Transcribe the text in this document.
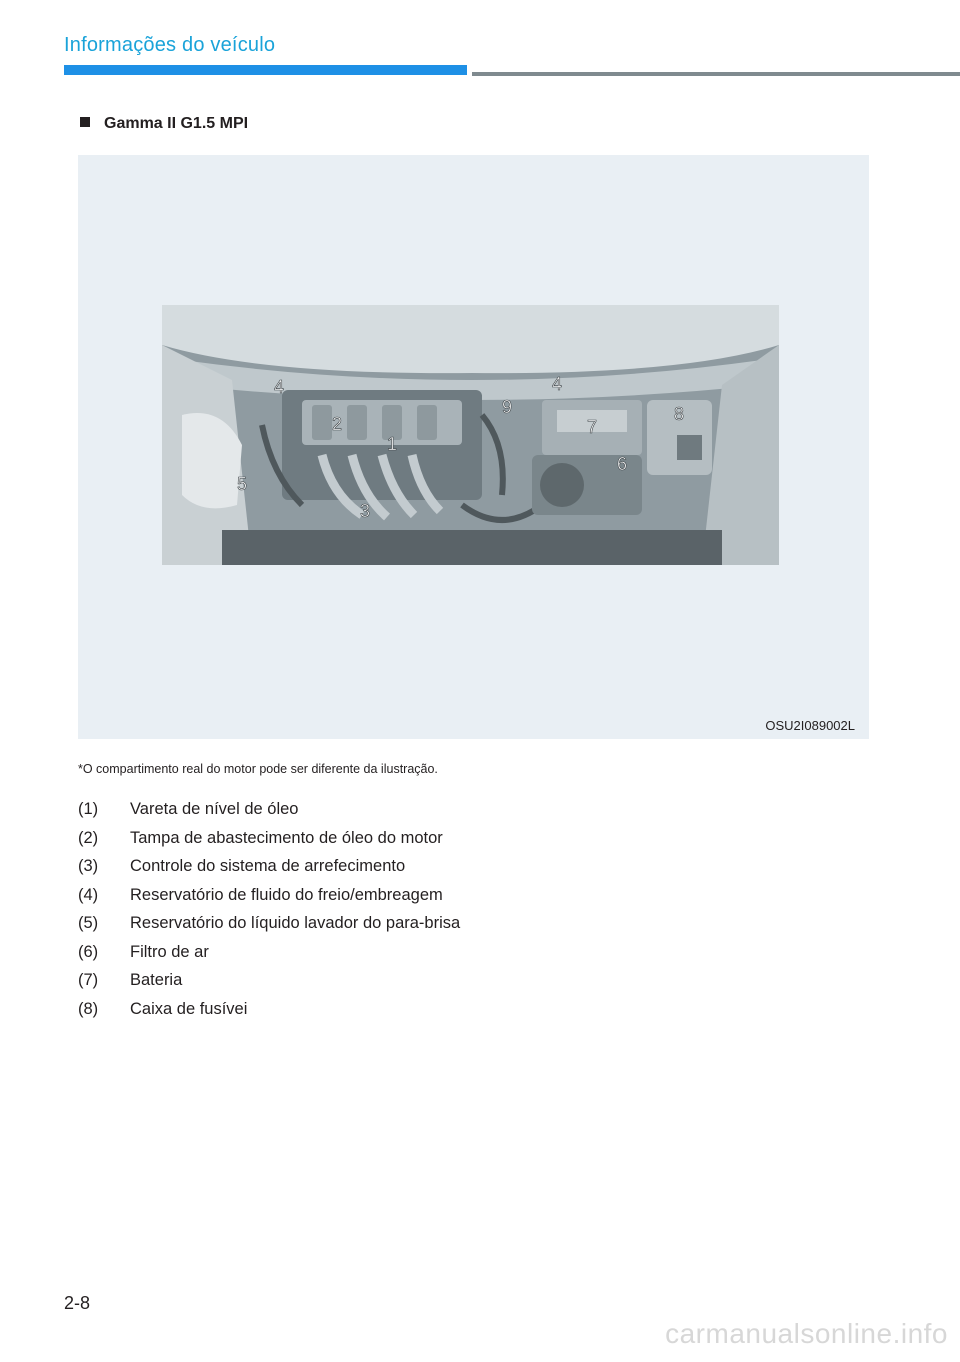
Informações do veículo
Gamma II G1.5 MPI
1
2
3
4	4
5
6
7
8
9
OSU2I089002L
*O compartimento real do motor pode ser diferente da ilustração.
(1) Vareta de nível de óleo
(2) Tampa de abastecimento de óleo do motor
(3) Controle do sistema de arrefecimento
(4) Reservatório de fluido do freio/embreagem
(5) Reservatório do líquido lavador do para-brisa
(6) Filtro de ar
(7) Bateria
(8) Caixa de fusívei
2-8
carmanualsonline.info
